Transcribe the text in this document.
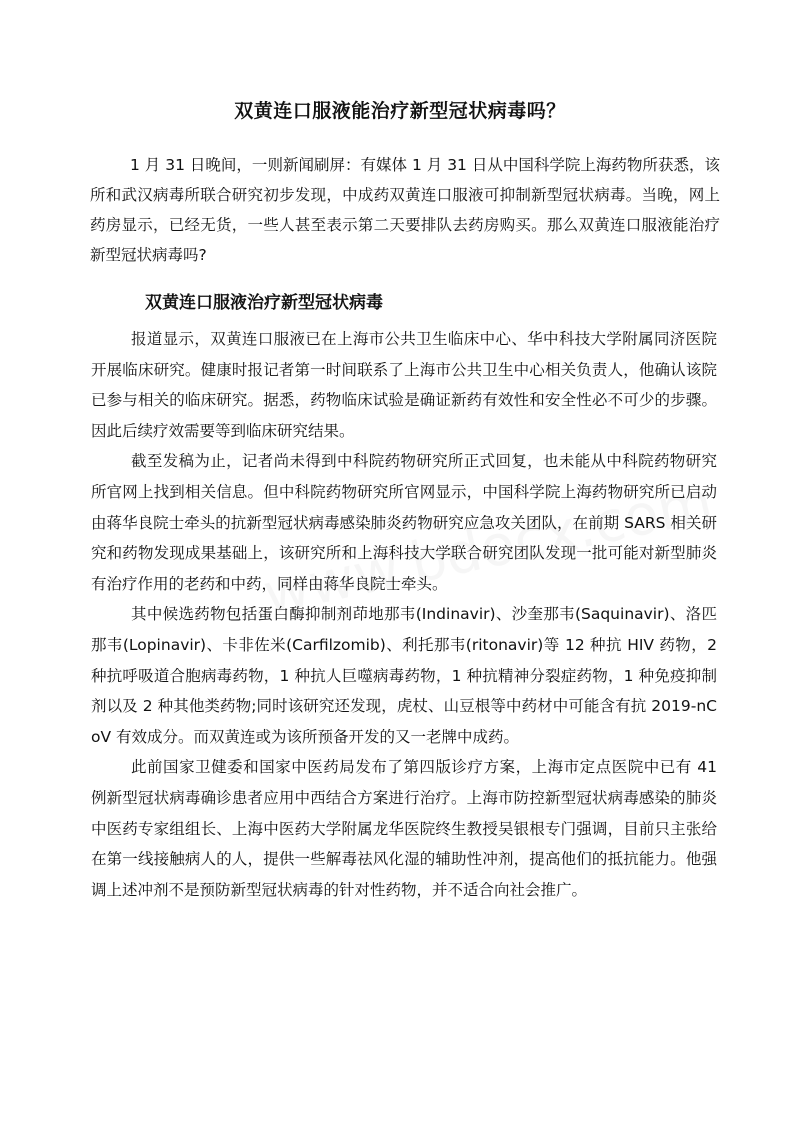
双黄连口服液能治疗新型冠状病毒吗？

1 月 31 日晚间，一则新闻刷屏：有媒体 1 月 31 日从中国科学院上海药物所获悉，该所和武汉病毒所联合研究初步发现，中成药双黄连口服液可抑制新型冠状病毒。当晚，网上药房显示，已经无货，一些人甚至表示第二天要排队去药房购买。那么双黄连口服液能治疗新型冠状病毒吗?

双黄连口服液治疗新型冠状病毒

报道显示，双黄连口服液已在上海市公共卫生临床中心、华中科技大学附属同济医院开展临床研究。健康时报记者第一时间联系了上海市公共卫生中心相关负责人，他确认该院已参与相关的临床研究。据悉，药物临床试验是确证新药有效性和安全性必不可少的步骤。因此后续疗效需要等到临床研究结果。

截至发稿为止，记者尚未得到中科院药物研究所正式回复，也未能从中科院药物研究所官网上找到相关信息。但中科院药物研究所官网显示，中国科学院上海药物研究所已启动由蒋华良院士牵头的抗新型冠状病毒感染肺炎药物研究应急攻关团队，在前期 SARS 相关研究和药物发现成果基础上，该研究所和上海科技大学联合研究团队发现一批可能对新型肺炎有治疗作用的老药和中药，同样由蒋华良院士牵头。

其中候选药物包括蛋白酶抑制剂茚地那韦(Indinavir)、沙奎那韦(Saquinavir)、洛匹那韦(Lopinavir)、卡非佐米(Carfilzomib)、利托那韦(ritonavir)等 12 种抗 HIV 药物，2 种抗呼吸道合胞病毒药物，1 种抗人巨噬病毒药物，1 种抗精神分裂症药物，1 种免疫抑制剂以及 2 种其他类药物;同时该研究还发现，虎杖、山豆根等中药材中可能含有抗 2019-nCoV 有效成分。而双黄连或为该所预备开发的又一老牌中成药。

此前国家卫健委和国家中医药局发布了第四版诊疗方案，上海市定点医院中已有 41 例新型冠状病毒确诊患者应用中西结合方案进行治疗。上海市防控新型冠状病毒感染的肺炎中医药专家组组长、上海中医药大学附属龙华医院终生教授吴银根专门强调，目前只主张给在第一线接触病人的人，提供一些解毒祛风化湿的辅助性冲剂，提高他们的抵抗能力。他强调上述冲剂不是预防新型冠状病毒的针对性药物，并不适合向社会推广。
